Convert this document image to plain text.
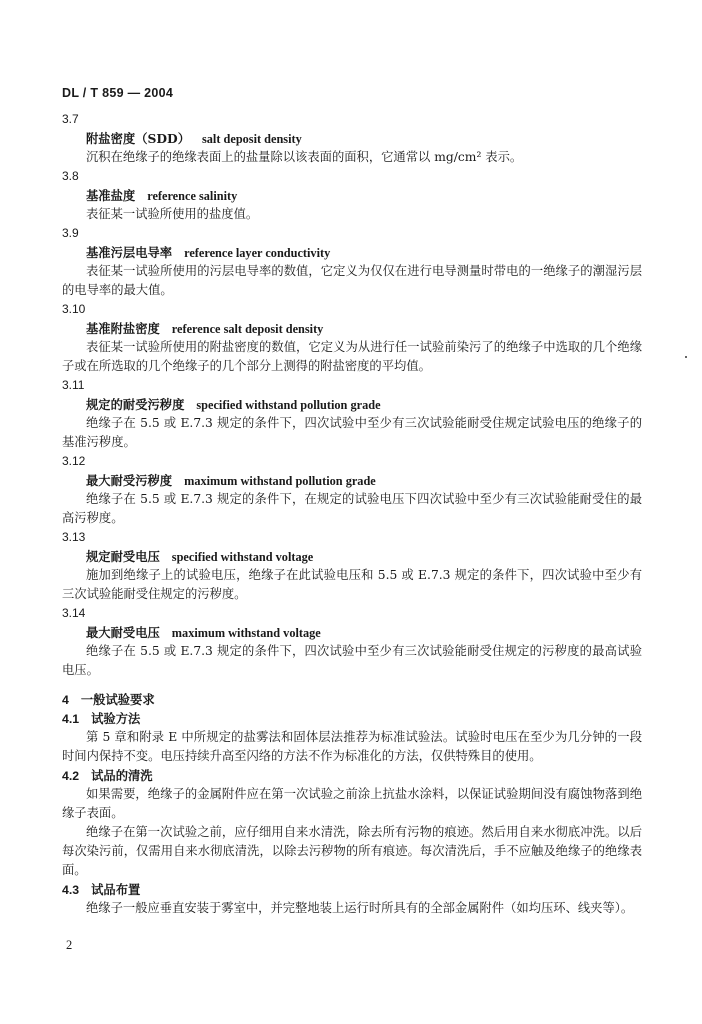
DL / T 859 — 2004
3.7
附盐密度（SDD） salt deposit density

沉积在绝缘子的绝缘表面上的盐量除以该表面的面积，它通常以 mg/cm² 表示。

3.8
基准盐度 reference salinity

表征某一试验所使用的盐度值。

3.9
基准污层电导率 reference layer conductivity

表征某一试验所使用的污层电导率的数值，它定义为仅仅在进行电导测量时带电的一绝缘子的潮湿污层的电导率的最大值。

3.10
基准附盐密度 reference salt deposit density

表征某一试验所使用的附盐密度的数值，它定义为从进行任一试验前染污了的绝缘子中选取的几个绝缘子或在所选取的几个绝缘子的几个部分上测得的附盐密度的平均值。

3.11
规定的耐受污秽度 specified withstand pollution grade

绝缘子在 5.5 或 E.7.3 规定的条件下，四次试验中至少有三次试验能耐受住规定试验电压的绝缘子的基准污秽度。

3.12
最大耐受污秽度 maximum withstand pollution grade

绝缘子在 5.5 或 E.7.3 规定的条件下，在规定的试验电压下四次试验中至少有三次试验能耐受住的最高污秽度。

3.13
规定耐受电压 specified withstand voltage

施加到绝缘子上的试验电压，绝缘子在此试验电压和 5.5 或 E.7.3 规定的条件下，四次试验中至少有三次试验能耐受住规定的污秽度。

3.14
最大耐受电压 maximum withstand voltage

绝缘子在 5.5 或 E.7.3 规定的条件下，四次试验中至少有三次试验能耐受住规定的污秽度的最高试验电压。

4 一般试验要求
4.1 试验方法

第 5 章和附录 E 中所规定的盐雾法和固体层法推荐为标准试验法。试验时电压在至少为几分钟的一段时间内保持不变。电压持续升高至闪络的方法不作为标准化的方法，仅供特殊目的使用。

4.2 试品的清洗

如果需要，绝缘子的金属附件应在第一次试验之前涂上抗盐水涂料，以保证试验期间没有腐蚀物落到绝缘子表面。

绝缘子在第一次试验之前，应仔细用自来水清洗，除去所有污物的痕迹。然后用自来水彻底冲洗。以后每次染污前，仅需用自来水彻底清洗，以除去污秽物的所有痕迹。每次清洗后，手不应触及绝缘子的绝缘表面。

4.3 试品布置

绝缘子一般应垂直安装于雾室中，并完整地装上运行时所具有的全部金属附件（如均压环、线夹等）。

2
